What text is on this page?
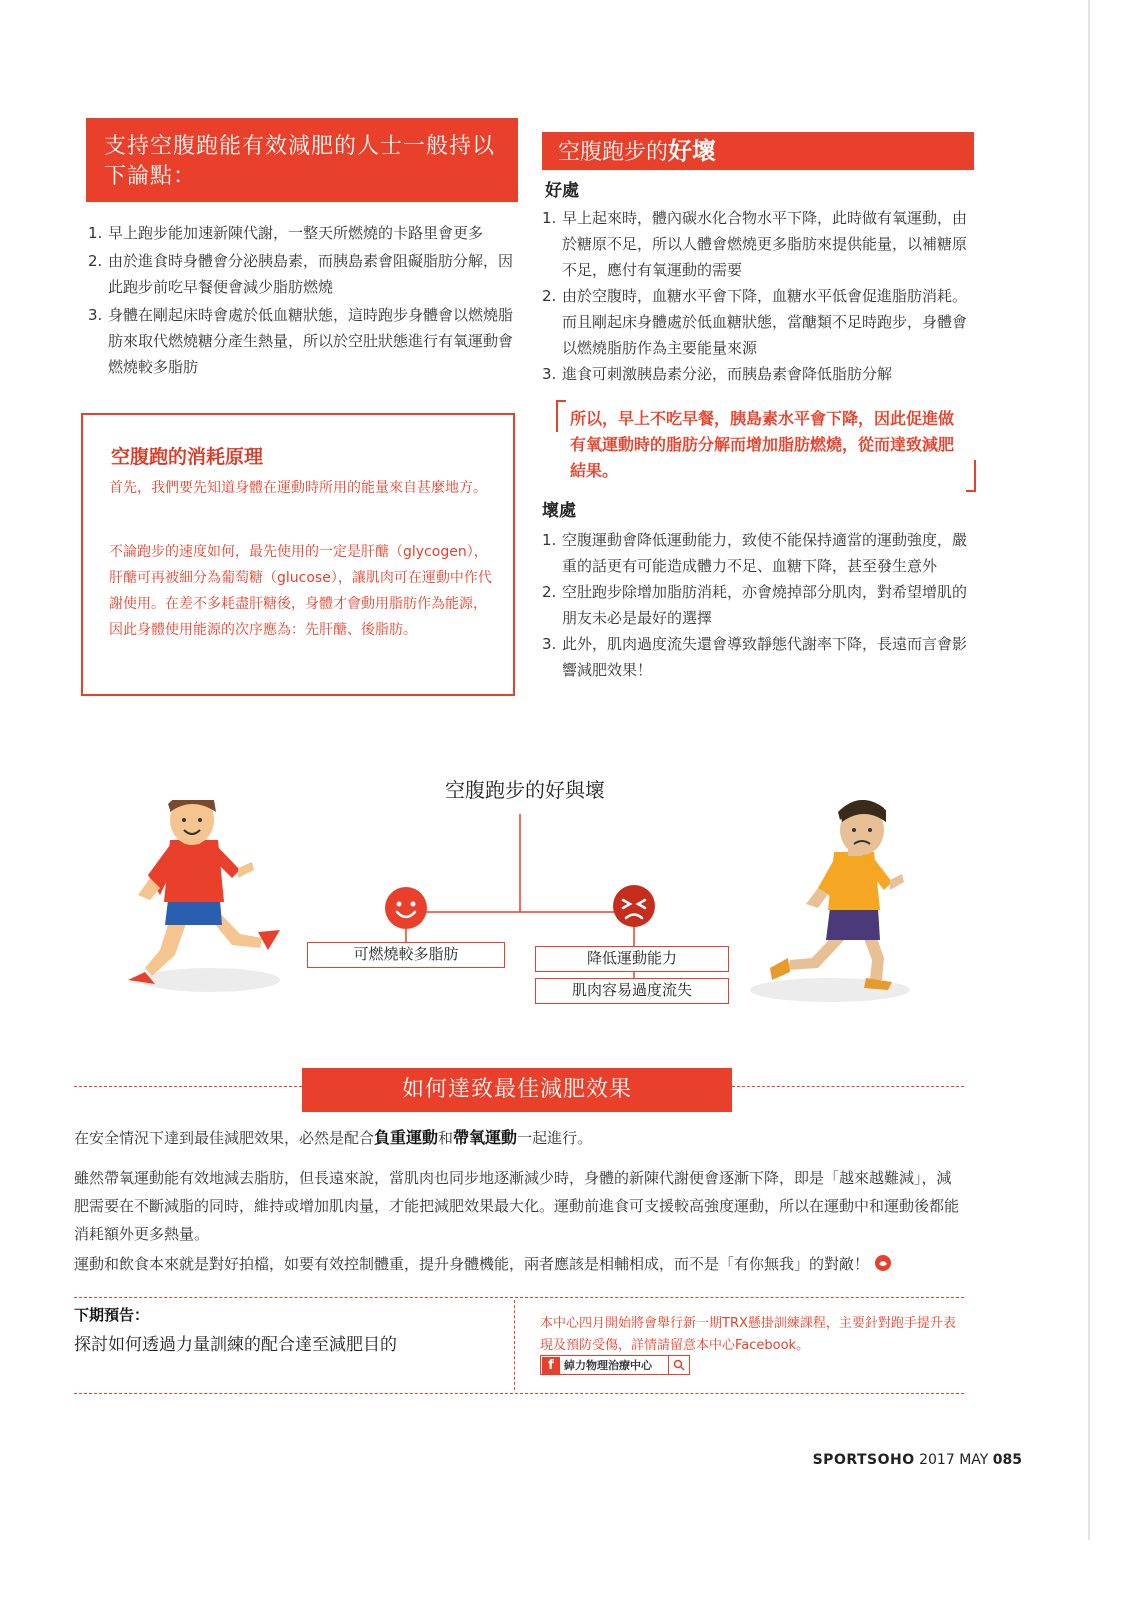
支持空腹跑能有效減肥的人士一般持以下論點：
1. 早上跑步能加速新陳代謝，一整天所燃燒的卡路里會更多
2. 由於進食時身體會分泌胰島素，而胰島素會阻礙脂肪分解，因此跑步前吃早餐便會減少脂肪燃燒
3. 身體在剛起床時會處於低血糖狀態，這時跑步身體會以燃燒脂肪來取代燃燒糖分產生熱量，所以於空肚狀態進行有氧運動會燃燒較多脂肪
空腹跑的消耗原理
首先，我們要先知道身體在運動時所用的能量來自甚麼地方。
不論跑步的速度如何，最先使用的一定是肝醣（glycogen），肝醣可再被細分為葡萄糖（glucose），讓肌肉可在運動中作代謝使用。在差不多耗盡肝糖後，身體才會動用脂肪作為能源，因此身體使用能源的次序應為：先肝醣、後脂肪。
空腹跑步的好壞
好處
1. 早上起來時，體內碳水化合物水平下降，此時做有氧運動，由於糖原不足，所以人體會燃燒更多脂肪來提供能量，以補糖原不足，應付有氧運動的需要
2. 由於空腹時，血糖水平會下降，血糖水平低會促進脂肪消耗。而且剛起床身體處於低血糖狀態，當醣類不足時跑步，身體會以燃燒脂肪作為主要能量來源
3. 進食可刺激胰島素分泌，而胰島素會降低脂肪分解
所以，早上不吃早餐，胰島素水平會下降，因此促進做有氧運動時的脂肪分解而增加脂肪燃燒，從而達致減肥結果。
壞處
1. 空腹運動會降低運動能力，致使不能保持適當的運動強度，嚴重的話更有可能造成體力不足、血糖下降，甚至發生意外
2. 空肚跑步除增加脂肪消耗，亦會燒掉部分肌肉，對希望增肌的朋友未必是最好的選擇
3. 此外，肌肉過度流失還會導致靜態代謝率下降，長遠而言會影響減肥效果！
空腹跑步的好與壞
可燃燒較多脂肪	降低運動能力
肌肉容易過度流失
如何達致最佳減肥效果
在安全情況下達到最佳減肥效果，必然是配合負重運動和帶氧運動一起進行。
雖然帶氧運動能有效地減去脂肪，但長遠來說，當肌肉也同步地逐漸減少時，身體的新陳代謝便會逐漸下降，即是「越來越難減」，減肥需要在不斷減脂的同時，維持或增加肌肉量，才能把減肥效果最大化。運動前進食可支援較高強度運動，所以在運動中和運動後都能消耗額外更多熱量。
運動和飲食本來就是對好拍檔，如要有效控制體重，提升身體機能，兩者應該是相輔相成，而不是「有你無我」的對敵！
下期預告：
探討如何透過力量訓練的配合達至減肥目的
本中心四月開始將會舉行新一期TRX懸掛訓練課程，主要針對跑手提升表現及預防受傷，詳情請留意本中心Facebook。
f 綽力物理治療中心
SPORTSOHO 2017 MAY 085
